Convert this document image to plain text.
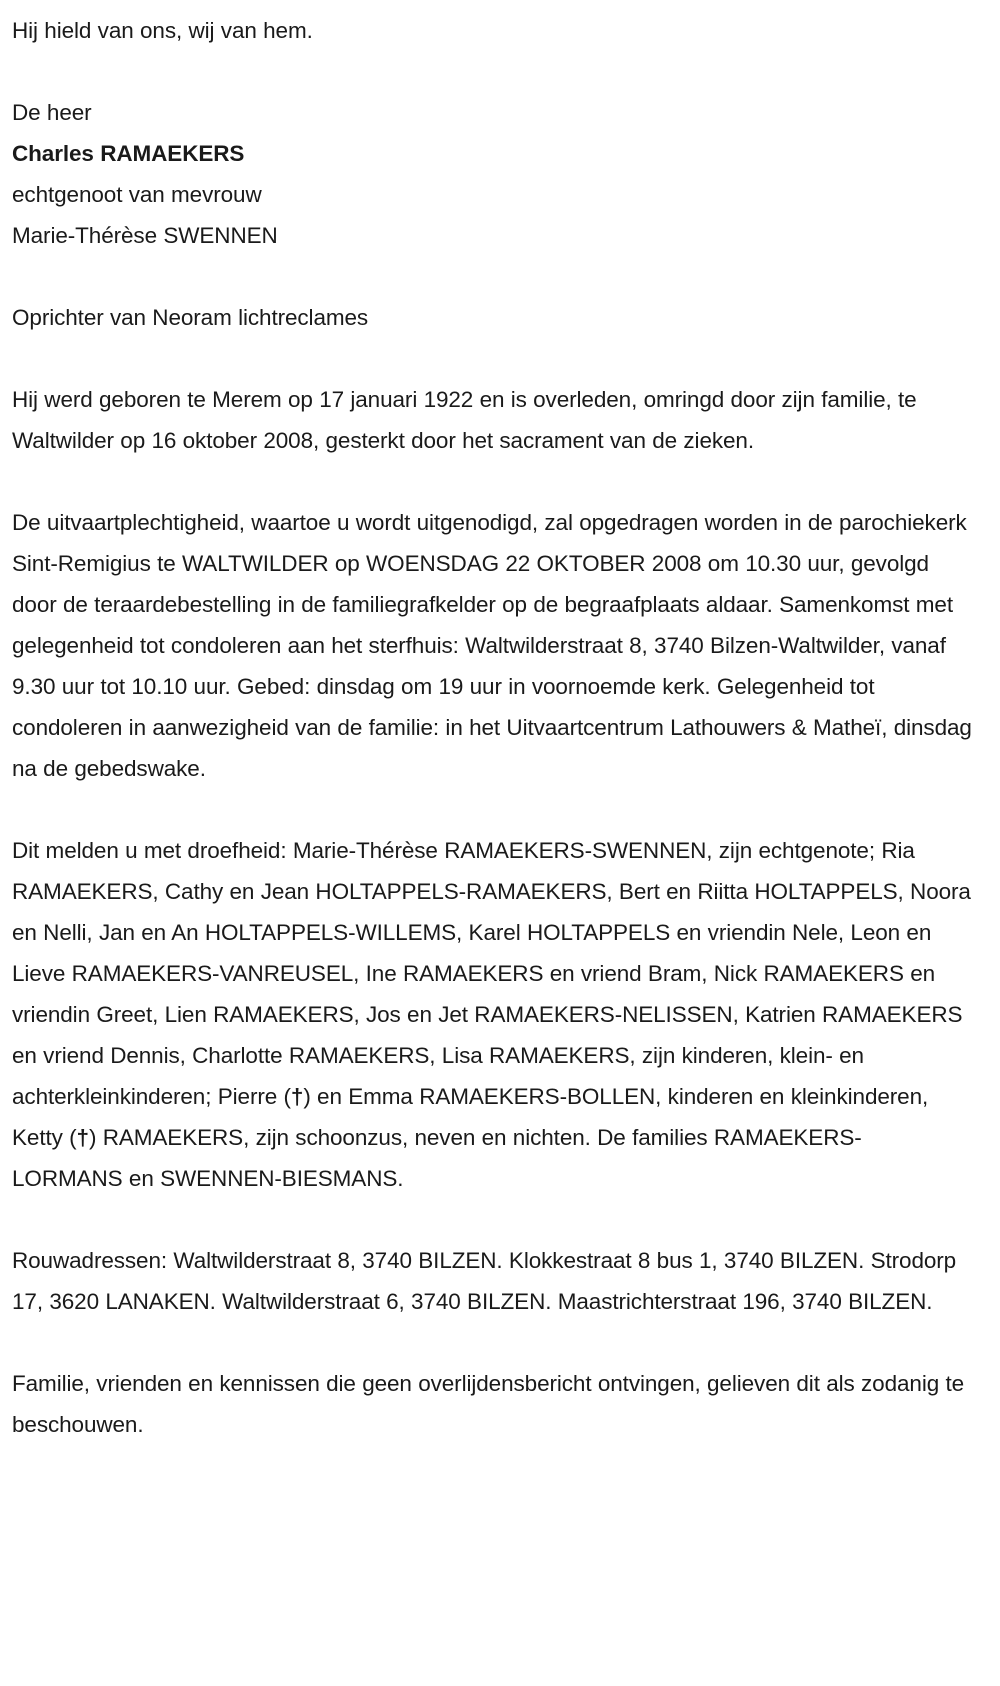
Hij hield van ons, wij van hem.

De heer

Charles RAMAEKERS

echtgenoot van mevrouw

Marie-Thérèse SWENNEN

Oprichter van Neoram lichtreclames

Hij werd geboren te Merem op 17 januari 1922 en is overleden, omringd door zijn familie, te Waltwilder op 16 oktober 2008, gesterkt door het sacrament van de zieken.

De uitvaartplechtigheid, waartoe u wordt uitgenodigd, zal opgedragen worden in de parochiekerk Sint-Remigius te WALTWILDER op WOENSDAG 22 OKTOBER 2008 om 10.30 uur, gevolgd door de teraardebestelling in de familiegrafkelder op de begraafplaats aldaar. Samenkomst met gelegenheid tot condoleren aan het sterfhuis: Waltwilderstraat 8, 3740 Bilzen-Waltwilder, vanaf 9.30 uur tot 10.10 uur. Gebed: dinsdag om 19 uur in voornoemde kerk. Gelegenheid tot condoleren in aanwezigheid van de familie: in het Uitvaartcentrum Lathouwers & Matheï, dinsdag na de gebedswake.

Dit melden u met droefheid: Marie-Thérèse RAMAEKERS-SWENNEN, zijn echtgenote; Ria RAMAEKERS, Cathy en Jean HOLTAPPELS-RAMAEKERS, Bert en Riitta HOLTAPPELS, Noora en Nelli, Jan en An HOLTAPPELS-WILLEMS, Karel HOLTAPPELS en vriendin Nele, Leon en Lieve RAMAEKERS-VANREUSEL, Ine RAMAEKERS en vriend Bram, Nick RAMAEKERS en vriendin Greet, Lien RAMAEKERS, Jos en Jet RAMAEKERS-NELISSEN, Katrien RAMAEKERS en vriend Dennis, Charlotte RAMAEKERS, Lisa RAMAEKERS, zijn kinderen, klein- en achterkleinkinderen; Pierre (†) en Emma RAMAEKERS-BOLLEN, kinderen en kleinkinderen, Ketty (†) RAMAEKERS, zijn schoonzus, neven en nichten. De families RAMAEKERS-LORMANS en SWENNEN-BIESMANS.

Rouwadressen: Waltwilderstraat 8, 3740 BILZEN. Klokkestraat 8 bus 1, 3740 BILZEN. Strodorp 17, 3620 LANAKEN. Waltwilderstraat 6, 3740 BILZEN. Maastrichterstraat 196, 3740 BILZEN.

Familie, vrienden en kennissen die geen overlijdensbericht ontvingen, gelieven dit als zodanig te beschouwen.
